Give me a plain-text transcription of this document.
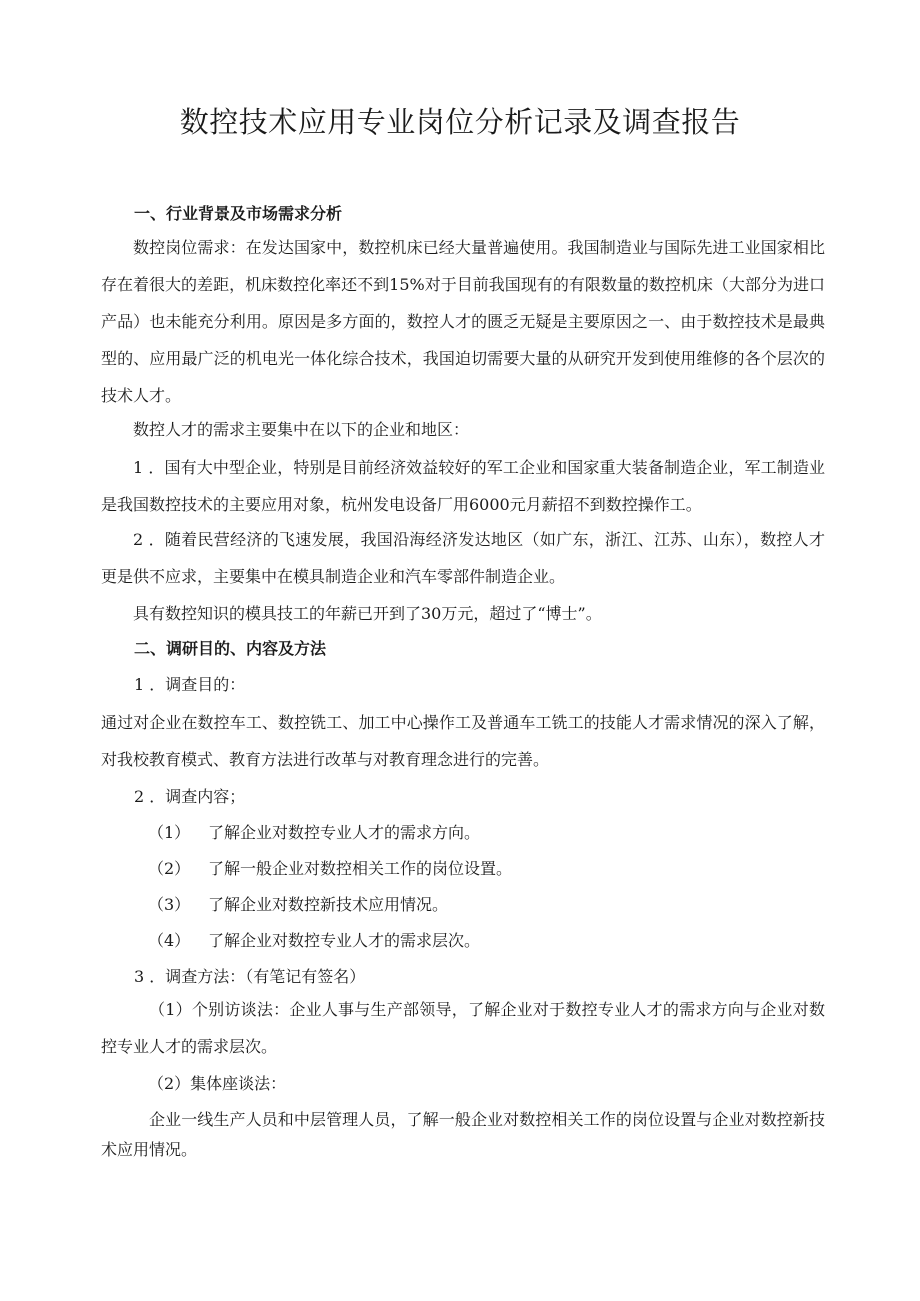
数控技术应用专业岗位分析记录及调查报告
一、行业背景及市场需求分析

数控岗位需求：在发达国家中，数控机床已经大量普遍使用。我国制造业与国际先进工业国家相比存在着很大的差距，机床数控化率还不到15%对于目前我国现有的有限数量的数控机床（大部分为进口产品）也未能充分利用。原因是多方面的，数控人才的匮乏无疑是主要原因之一、由于数控技术是最典型的、应用最广泛的机电光一体化综合技术，我国迫切需要大量的从研究开发到使用维修的各个层次的技术人才。

数控人才的需求主要集中在以下的企业和地区：

1 ．国有大中型企业，特别是目前经济效益较好的军工企业和国家重大装备制造企业，军工制造业是我国数控技术的主要应用对象，杭州发电设备厂用6000元月薪招不到数控操作工。

2 ．随着民营经济的飞速发展，我国沿海经济发达地区（如广东，浙江、江苏、山东），数控人才更是供不应求，主要集中在模具制造企业和汽车零部件制造企业。

具有数控知识的模具技工的年薪已开到了30万元，超过了“博士”。

二、调研目的、内容及方法
1 ．调查目的：

通过对企业在数控车工、数控铣工、加工中心操作工及普通车工铣工的技能人才需求情况的深入了解，对我校教育模式、教育方法进行改革与对教育理念进行的完善。

2 ．调查内容；
（1） 了解企业对数控专业人才的需求方向。
（2） 了解一般企业对数控相关工作的岗位设置。
（3） 了解企业对数控新技术应用情况。
（4） 了解企业对数控专业人才的需求层次。
3 ．调查方法：（有笔记有签名）

（1）个别访谈法：企业人事与生产部领导，了解企业对于数控专业人才的需求方向与企业对数控专业人才的需求层次。

（2）集体座谈法：

企业一线生产人员和中层管理人员，了解一般企业对数控相关工作的岗位设置与企业对数控新技术应用情况。
